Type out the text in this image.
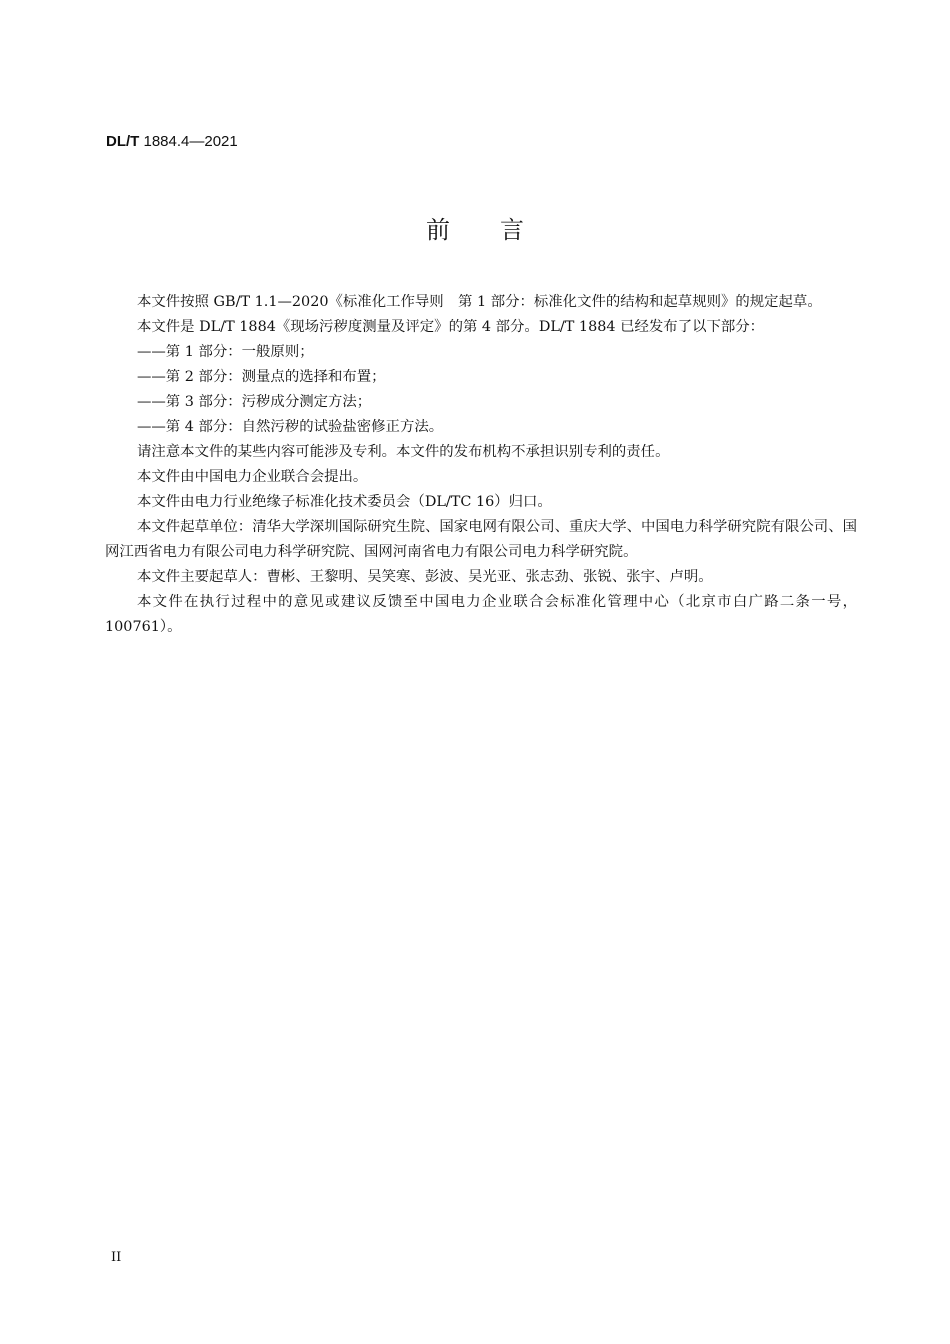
DL/T 1884.4—2021
前言

本文件按照 GB/T 1.1—2020《标准化工作导则　第 1 部分：标准化文件的结构和起草规则》的规定起草。

本文件是 DL/T 1884《现场污秽度测量及评定》的第 4 部分。DL/T 1884 已经发布了以下部分：

——第 1 部分：一般原则；

——第 2 部分：测量点的选择和布置；

——第 3 部分：污秽成分测定方法；

——第 4 部分：自然污秽的试验盐密修正方法。

请注意本文件的某些内容可能涉及专利。本文件的发布机构不承担识别专利的责任。

本文件由中国电力企业联合会提出。

本文件由电力行业绝缘子标准化技术委员会（DL/TC 16）归口。

本文件起草单位：清华大学深圳国际研究生院、国家电网有限公司、重庆大学、中国电力科学研究院有限公司、国网江西省电力有限公司电力科学研究院、国网河南省电力有限公司电力科学研究院。

本文件主要起草人：曹彬、王黎明、吴笑寒、彭波、吴光亚、张志劲、张锐、张宇、卢明。

本文件在执行过程中的意见或建议反馈至中国电力企业联合会标准化管理中心（北京市白广路二条一号，100761）。

II
